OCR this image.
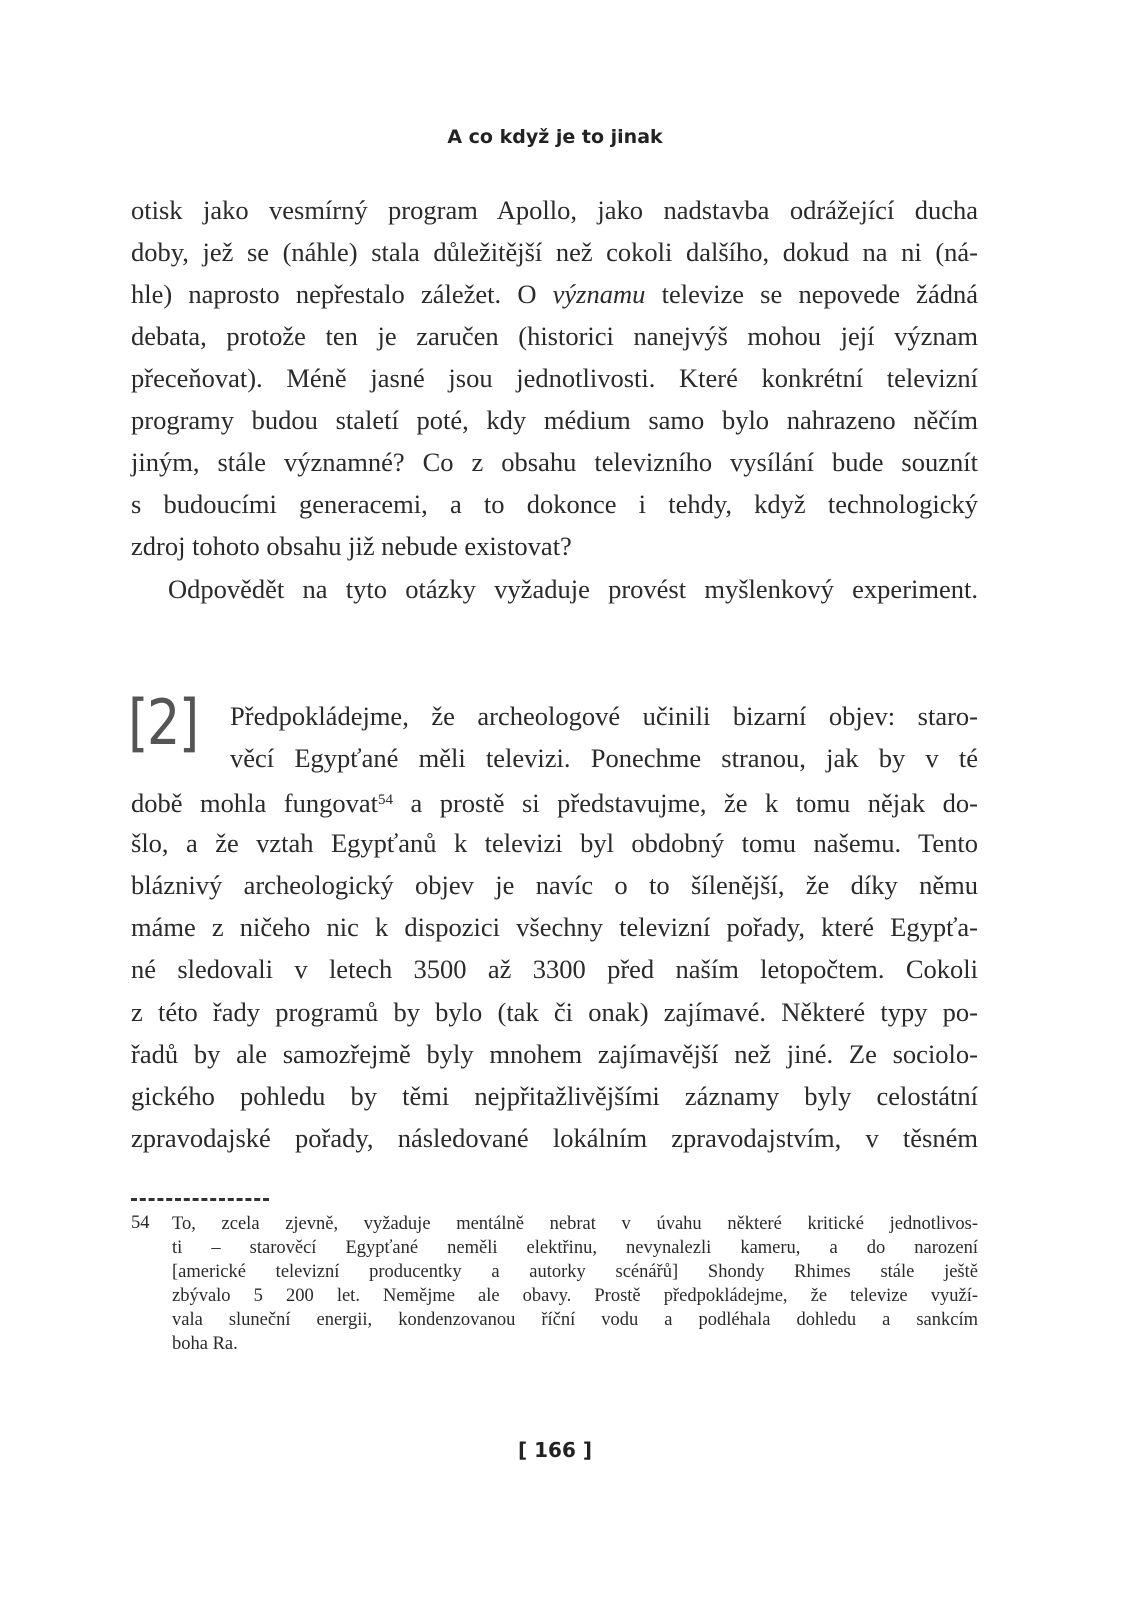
A co když je to jinak
otisk jako vesmírný program Apollo, jako nadstavba odrážející ducha
doby, jež se (náhle) stala důležitější než cokoli dalšího, dokud na ni (ná-
hle) naprosto nepřestalo záležet. O významu televize se nepovede žádná
debata, protože ten je zaručen (historici nanejvýš mohou její význam
přeceňovat). Méně jasné jsou jednotlivosti. Které konkrétní televizní
programy budou staletí poté, kdy médium samo bylo nahrazeno něčím
jiným, stále významné? Co z obsahu televizního vysílání bude souznít
s budoucími generacemi, a to dokonce i tehdy, když technologický
zdroj tohoto obsahu již nebude existovat?
Odpovědět na tyto otázky vyžaduje provést myšlenkový experiment.
[2] Předpokládejme, že archeologové učinili bizarní objev: staro-
věcí Egypťané měli televizi. Ponechme stranou, jak by v té
době mohla fungovat$^{54}$ a prostě si představujme, že k tomu nějak do-
šlo, a že vztah Egypťanů k televizi byl obdobný tomu našemu. Tento
bláznivý archeologický objev je navíc o to šílenější, že díky němu
máme z ničeho nic k dispozici všechny televizní pořady, které Egypťa-
né sledovali v letech 3500 až 3300 před naším letopočtem. Cokoli
z této řady programů by bylo (tak či onak) zajímavé. Některé typy po-
řadů by ale samozřejmě byly mnohem zajímavější než jiné. Ze sociolo-
gického pohledu by těmi nejpřitažlivějšími záznamy byly celostátní
zpravodajské pořady, následované lokálním zpravodajstvím, v těsném
54 To, zcela zjevně, vyžaduje mentálně nebrat v úvahu některé kritické jednotlivos-
ti – starověcí Egypťané neměli elektřinu, nevynalezli kameru, a do narození
[americké televizní producentky a autorky scénářů] Shondy Rhimes stále ještě
zbývalo 5 200 let. Nemějme ale obavy. Prostě předpokládejme, že televize využí-
vala sluneční energii, kondenzovanou říční vodu a podléhala dohledu a sankcím
boha Ra.
[ 166 ]
